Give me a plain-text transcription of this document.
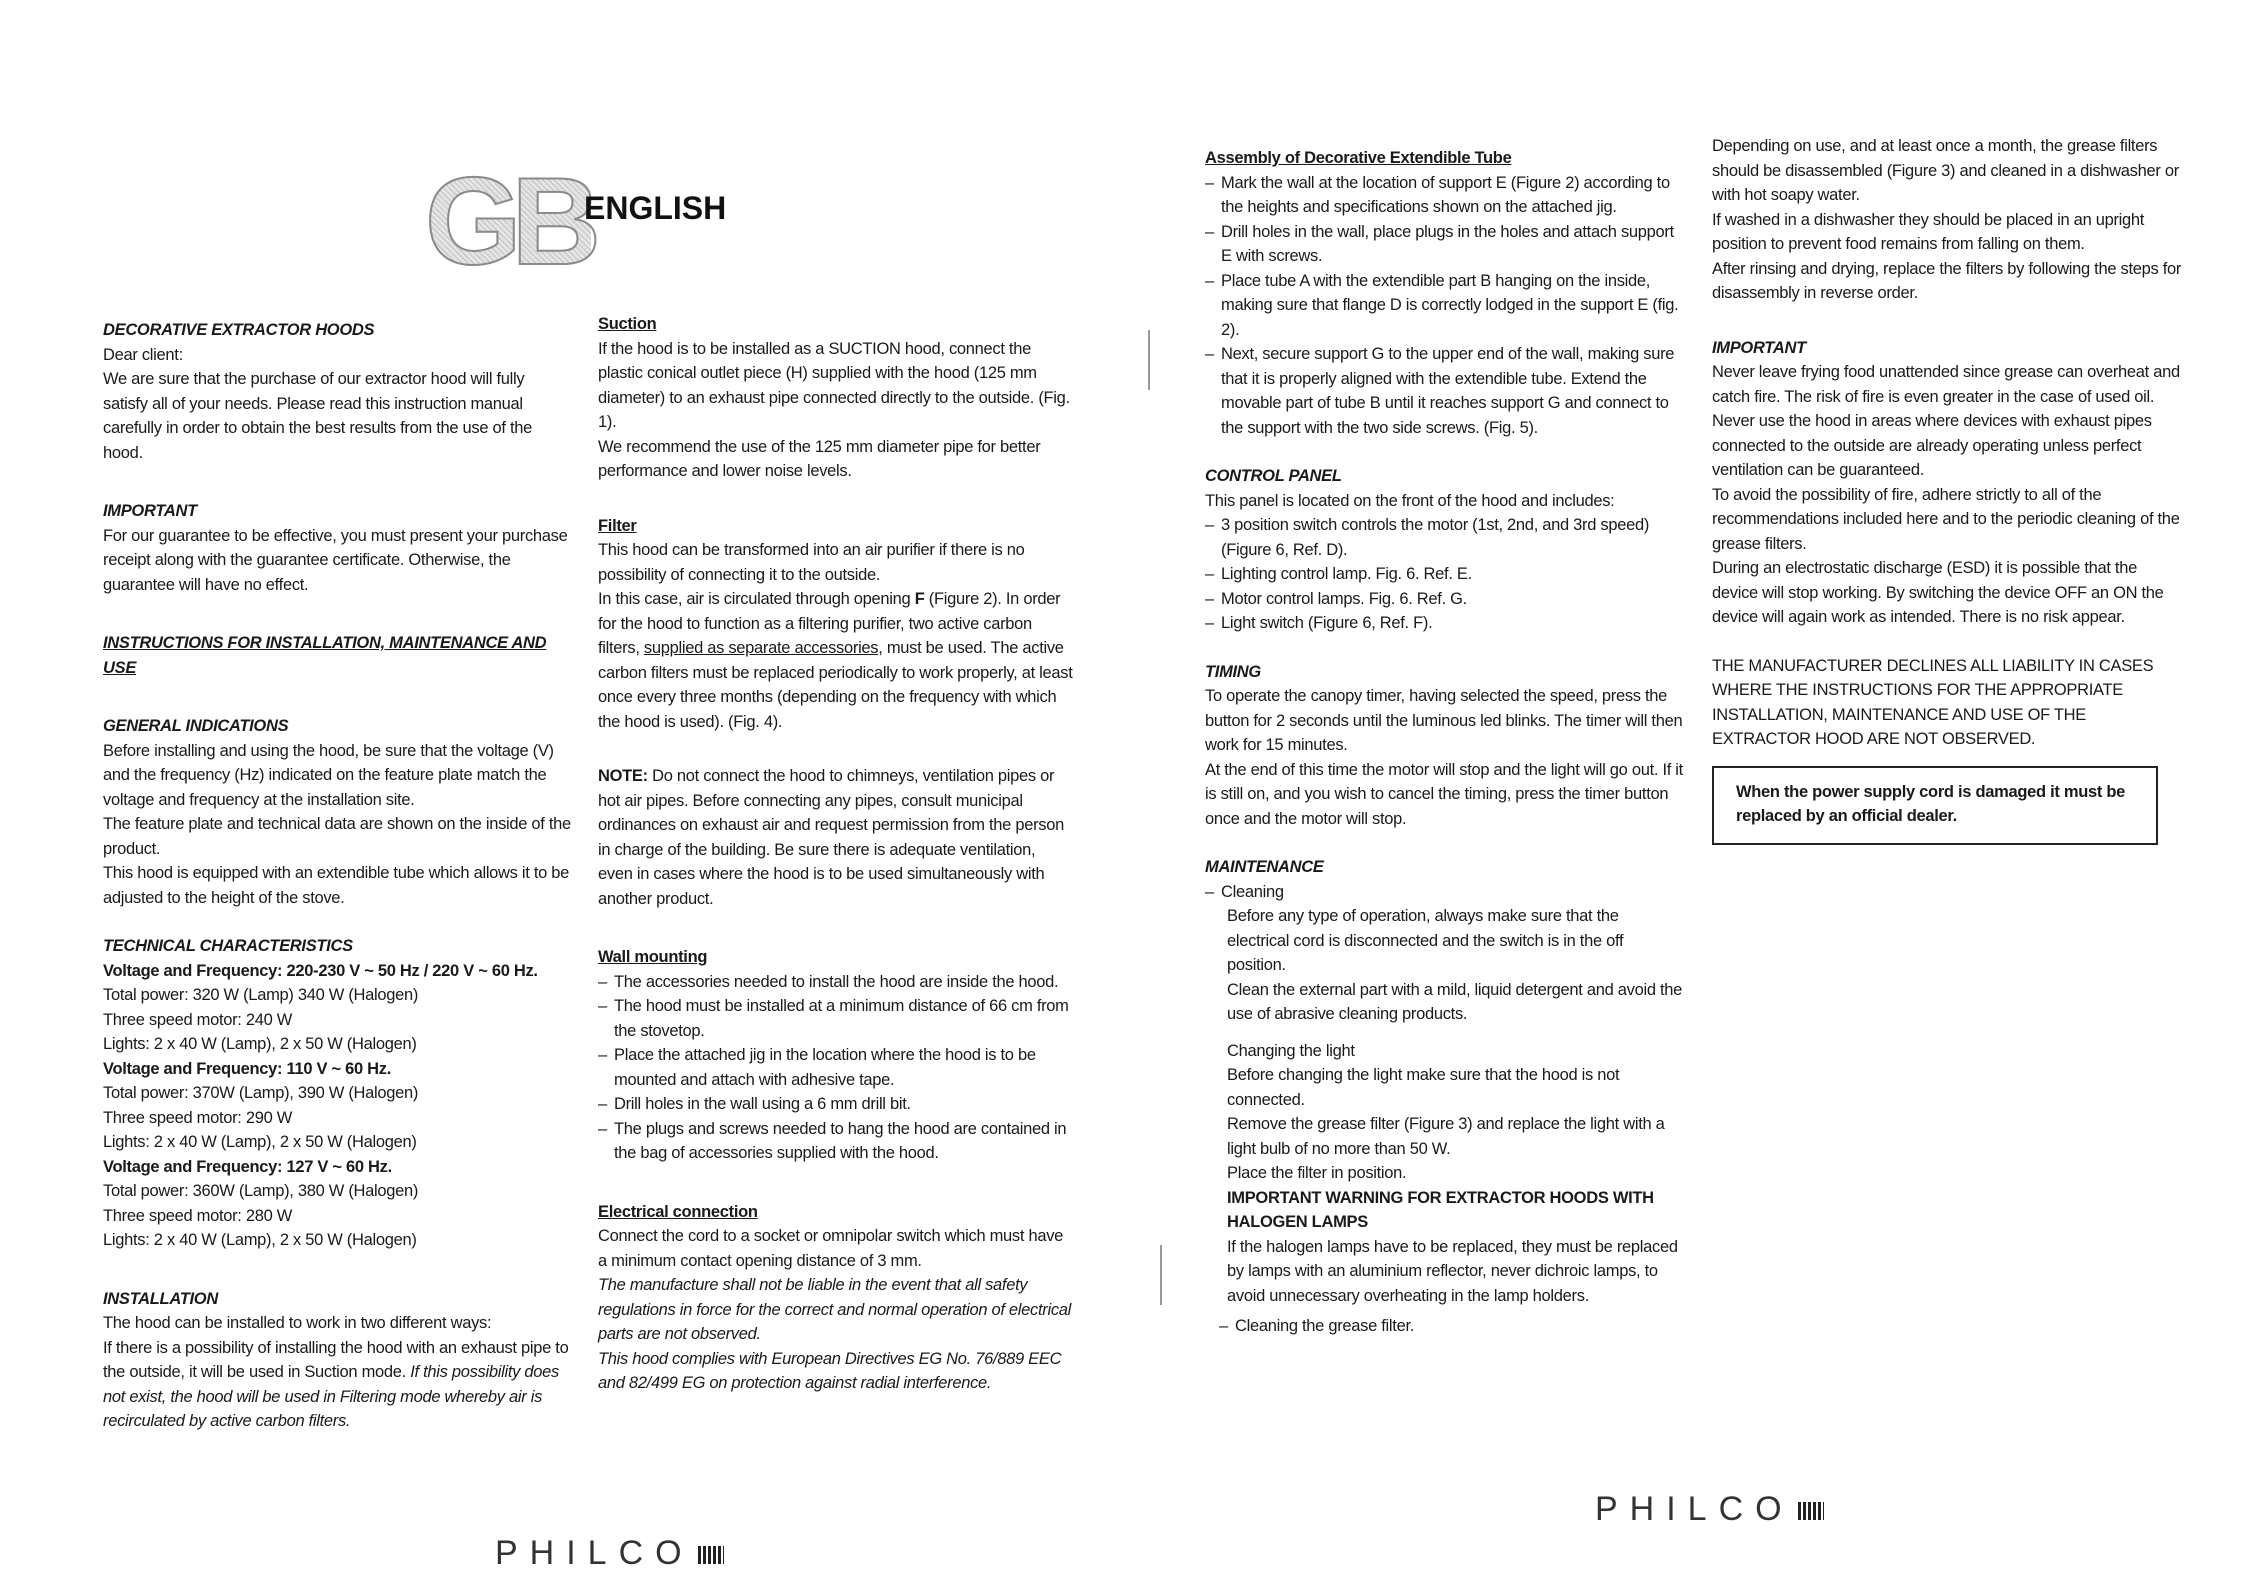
GB
ENGLISH

DECORATIVE EXTRACTOR HOODS

Dear client:

We are sure that the purchase of our extractor hood will fully satisfy all of your needs. Please read this instruction manual carefully in order to obtain the best results from the use of the hood.

IMPORTANT

For our guarantee to be effective, you must present your purchase receipt along with the guarantee certificate. Otherwise, the guarantee will have no effect.

INSTRUCTIONS FOR INSTALLATION, MAINTENANCE AND USE

GENERAL INDICATIONS

Before installing and using the hood, be sure that the voltage (V) and the frequency (Hz) indicated on the feature plate match the voltage and frequency at the installation site.

The feature plate and technical data are shown on the inside of the product.

This hood is equipped with an extendible tube which allows it to be adjusted to the height of the stove.

TECHNICAL CHARACTERISTICS

Voltage and Frequency: 220-230 V ~ 50 Hz / 220 V ~ 60 Hz.

Total power: 320 W (Lamp) 340 W (Halogen)

Three speed motor: 240 W

Lights: 2 x 40 W (Lamp), 2 x 50 W (Halogen)

Voltage and Frequency: 110 V ~ 60 Hz.

Total power: 370W (Lamp), 390 W (Halogen)

Three speed motor: 290 W

Lights: 2 x 40 W (Lamp), 2 x 50 W (Halogen)

Voltage and Frequency: 127 V ~ 60 Hz.

Total power: 360W (Lamp), 380 W (Halogen)

Three speed motor: 280 W

Lights: 2 x 40 W (Lamp), 2 x 50 W (Halogen)

INSTALLATION

The hood can be installed to work in two different ways:

If there is a possibility of installing the hood with an exhaust pipe to the outside, it will be used in Suction mode. If this possibility does not exist, the hood will be used in Filtering mode whereby air is recirculated by active carbon filters.

Suction

If the hood is to be installed as a SUCTION hood, connect the plastic conical outlet piece (H) supplied with the hood (125 mm diameter) to an exhaust pipe connected directly to the outside. (Fig. 1).

We recommend the use of the 125 mm diameter pipe for better performance and lower noise levels.

Filter

This hood can be transformed into an air purifier if there is no possibility of connecting it to the outside.

In this case, air is circulated through opening F (Figure 2). In order for the hood to function as a filtering purifier, two active carbon filters, supplied as separate accessories, must be used. The active carbon filters must be replaced periodically to work properly, at least once every three months (depending on the frequency with which the hood is used). (Fig. 4).

NOTE: Do not connect the hood to chimneys, ventilation pipes or hot air pipes. Before connecting any pipes, consult municipal ordinances on exhaust air and request permission from the person in charge of the building. Be sure there is adequate ventilation, even in cases where the hood is to be used simultaneously with another product.

Wall mounting

– The accessories needed to install the hood are inside the hood.
– The hood must be installed at a minimum distance of 66 cm from the stovetop.
– Place the attached jig in the location where the hood is to be mounted and attach with adhesive tape.
– Drill holes in the wall using a 6 mm drill bit.
– The plugs and screws needed to hang the hood are contained in the bag of accessories supplied with the hood.

Electrical connection

Connect the cord to a socket or omnipolar switch which must have a minimum contact opening distance of 3 mm.

The manufacture shall not be liable in the event that all safety regulations in force for the correct and normal operation of electrical parts are not observed.

This hood complies with European Directives EG No. 76/889 EEC and 82/499 EG on protection against radial interference.

Assembly of Decorative Extendible Tube

– Mark the wall at the location of support E (Figure 2) according to the heights and specifications shown on the attached jig.
– Drill holes in the wall, place plugs in the holes and attach support E with screws.
– Place tube A with the extendible part B hanging on the inside, making sure that flange D is correctly lodged in the support E (fig. 2).
– Next, secure support G to the upper end of the wall, making sure that it is properly aligned with the extendible tube. Extend the movable part of tube B until it reaches support G and connect to the support with the two side screws. (Fig. 5).

CONTROL PANEL

This panel is located on the front of the hood and includes:

– 3 position switch controls the motor (1st, 2nd, and 3rd speed) (Figure 6, Ref. D).
– Lighting control lamp. Fig. 6. Ref. E.
– Motor control lamps. Fig. 6. Ref. G.
– Light switch (Figure 6, Ref. F).

TIMING

To operate the canopy timer, having selected the speed, press the button for 2 seconds until the luminous led blinks. The timer will then work for 15 minutes.

At the end of this time the motor will stop and the light will go out. If it is still on, and you wish to cancel the timing, press the timer button once and the motor will stop.

MAINTENANCE

– Cleaning

Before any type of operation, always make sure that the electrical cord is disconnected and the switch is in the off position.

Clean the external part with a mild, liquid detergent and avoid the use of abrasive cleaning products.

Changing the light

Before changing the light make sure that the hood is not connected.

Remove the grease filter (Figure 3) and replace the light with a light bulb of no more than 50 W.

Place the filter in position.

IMPORTANT WARNING FOR EXTRACTOR HOODS WITH HALOGEN LAMPS

If the halogen lamps have to be replaced, they must be replaced by lamps with an aluminium reflector, never dichroic lamps, to avoid unnecessary overheating in the lamp holders.

– Cleaning the grease filter.

Depending on use, and at least once a month, the grease filters should be disassembled (Figure 3) and cleaned in a dishwasher or with hot soapy water.

If washed in a dishwasher they should be placed in an upright position to prevent food remains from falling on them.

After rinsing and drying, replace the filters by following the steps for disassembly in reverse order.

IMPORTANT

Never leave frying food unattended since grease can overheat and catch fire. The risk of fire is even greater in the case of used oil.

Never use the hood in areas where devices with exhaust pipes connected to the outside are already operating unless perfect ventilation can be guaranteed.

To avoid the possibility of fire, adhere strictly to all of the recommendations included here and to the periodic cleaning of the grease filters.

During an electrostatic discharge (ESD) it is possible that the device will stop working. By switching the device OFF an ON the device will again work as intended. There is no risk appear.

THE MANUFACTURER DECLINES ALL LIABILITY IN CASES WHERE THE INSTRUCTIONS FOR THE APPROPRIATE INSTALLATION, MAINTENANCE AND USE OF THE EXTRACTOR HOOD ARE NOT OBSERVED.

When the power supply cord is damaged it must be replaced by an official dealer.

PHILCO
PHILCO
